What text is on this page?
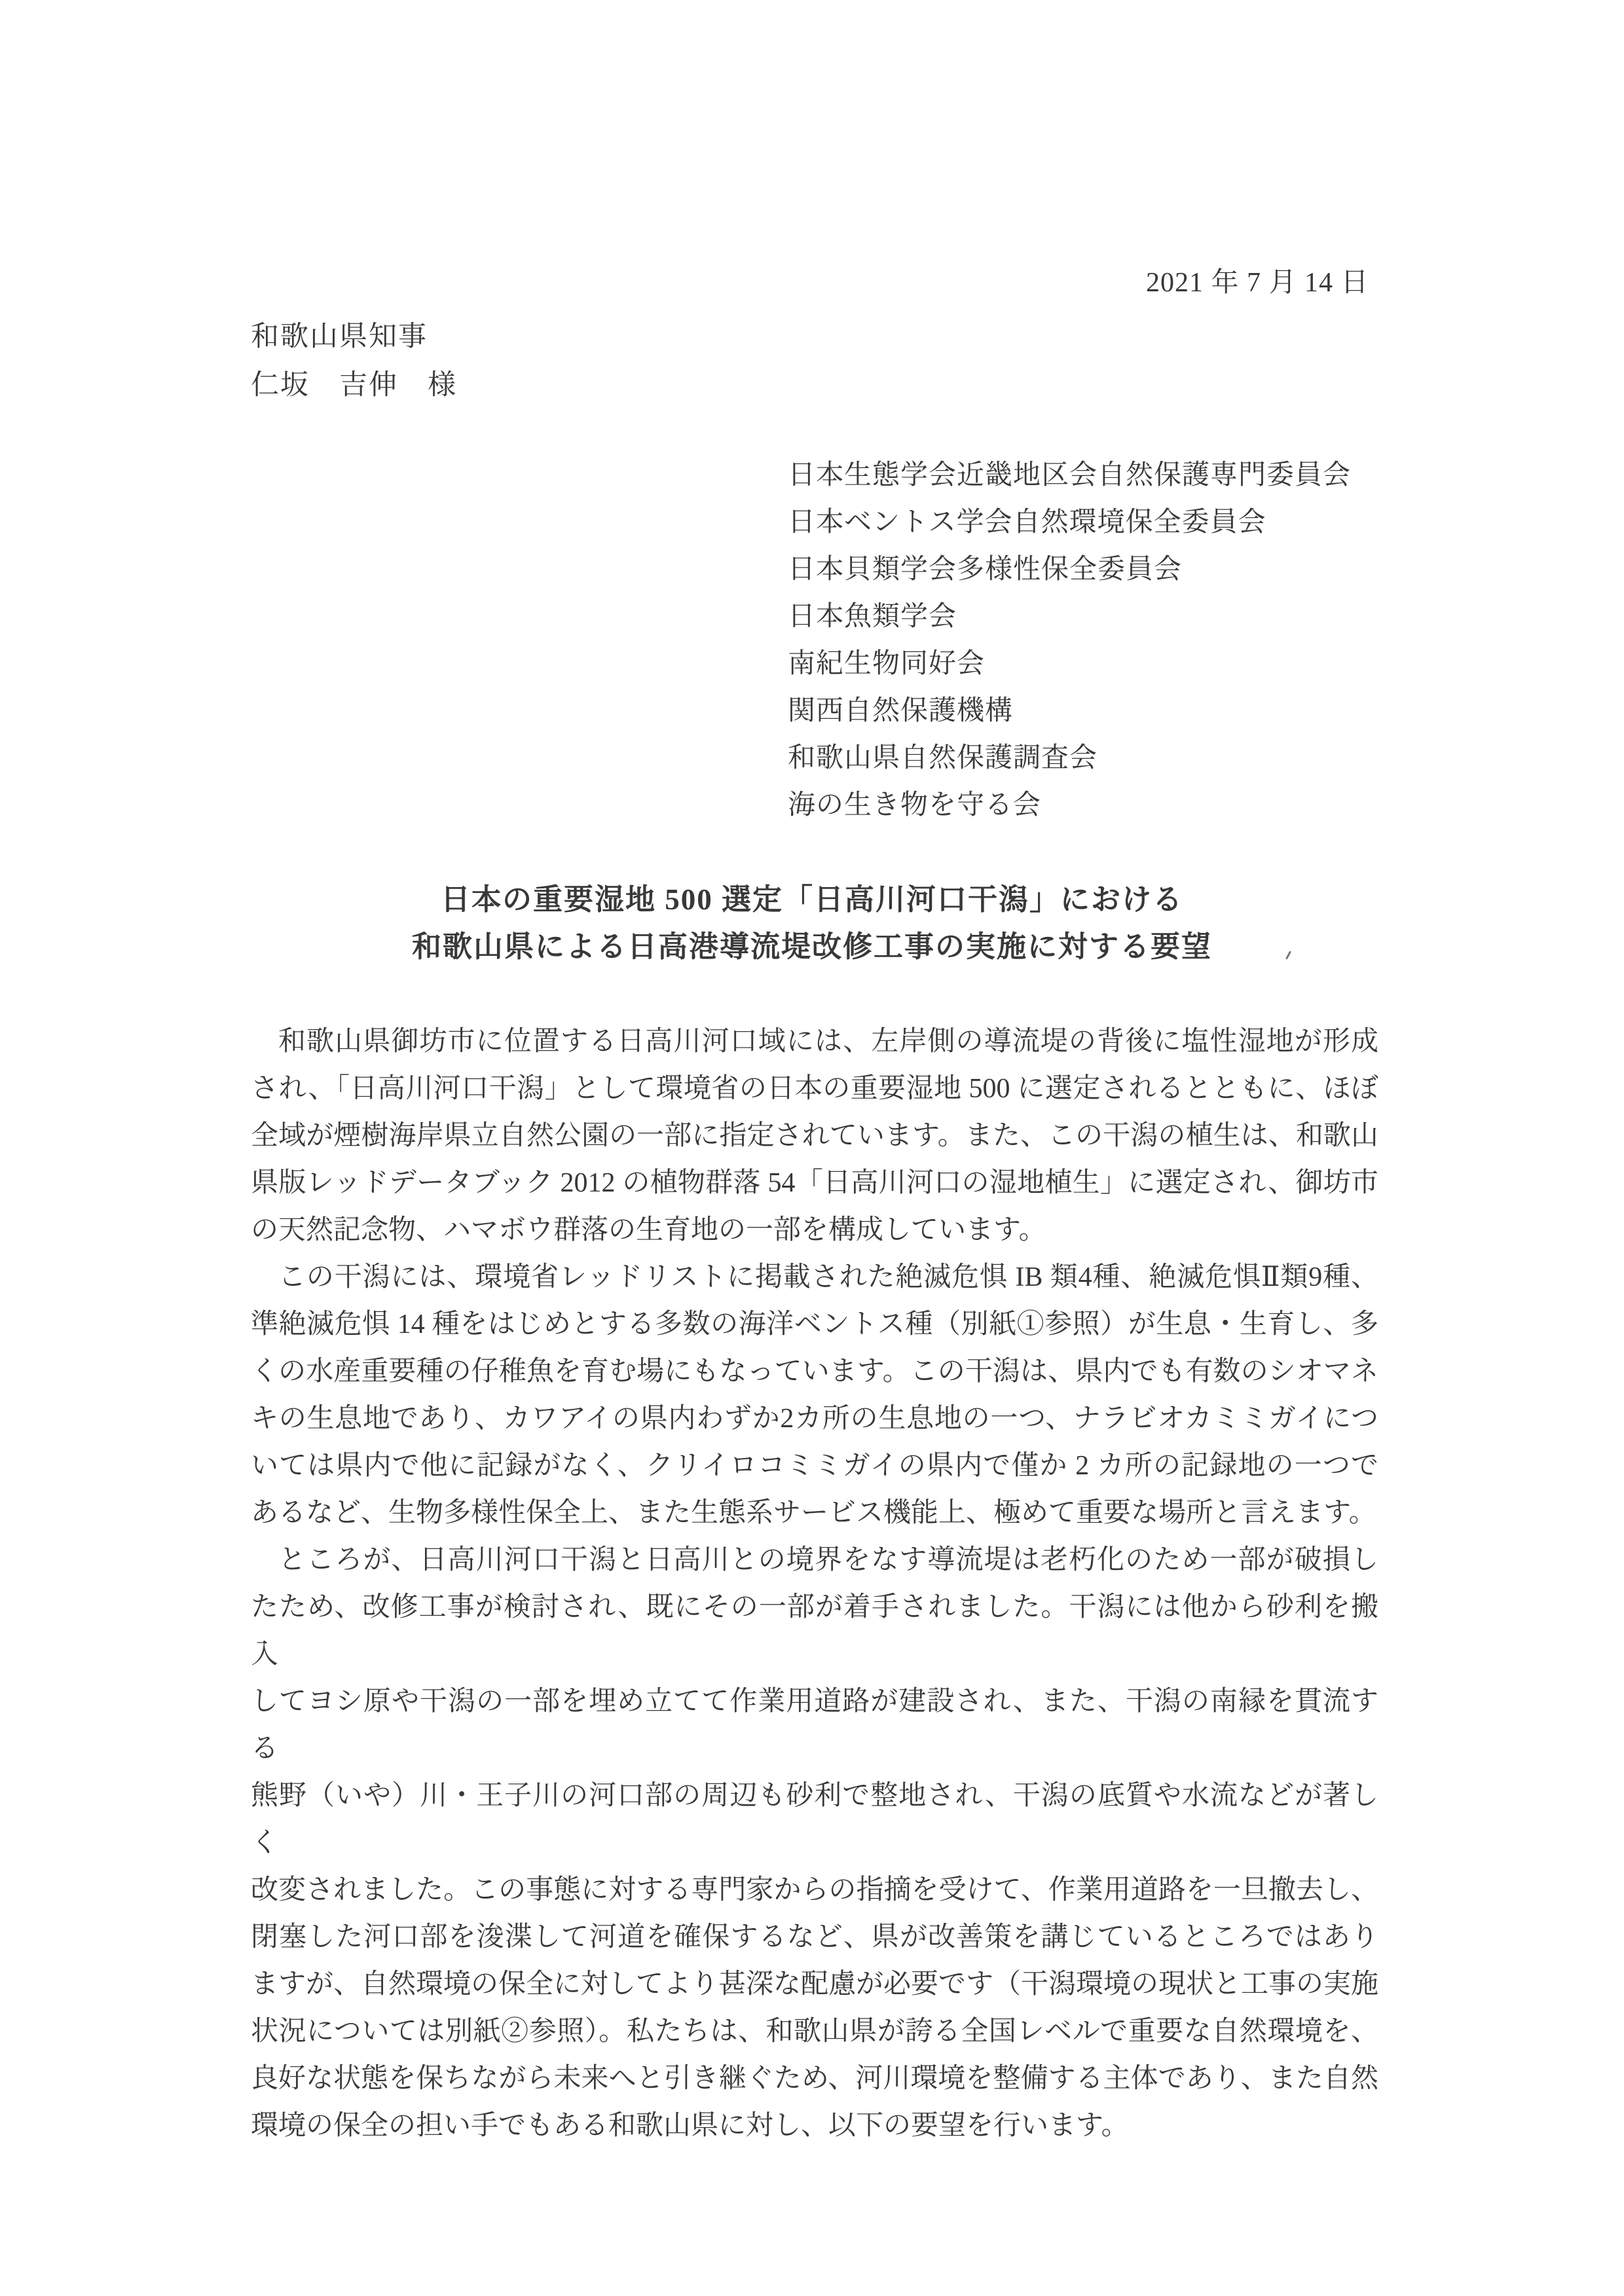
2021 年 7 月 14 日
和歌山県知事
仁坂　吉伸　様
日本生態学会近畿地区会自然保護専門委員会
日本ベントス学会自然環境保全委員会
日本貝類学会多様性保全委員会
日本魚類学会
南紀生物同好会
関西自然保護機構
和歌山県自然保護調査会
海の生き物を守る会
日本の重要湿地 500 選定「日高川河口干潟」における
和歌山県による日高港導流堤改修工事の実施に対する要望
和歌山県御坊市に位置する日高川河口域には、左岸側の導流堤の背後に塩性湿地が形成
され、「日高川河口干潟」として環境省の日本の重要湿地 500 に選定されるとともに、ほぼ
全域が煙樹海岸県立自然公園の一部に指定されています。また、この干潟の植生は、和歌山
県版レッドデータブック 2012 の植物群落 54「日高川河口の湿地植生」に選定され、御坊市
の天然記念物、ハマボウ群落の生育地の一部を構成しています。
この干潟には、環境省レッドリストに掲載された絶滅危惧 IB 類4種、絶滅危惧Ⅱ類9種、
準絶滅危惧 14 種をはじめとする多数の海洋ベントス種（別紙①参照）が生息・生育し、多
くの水産重要種の仔稚魚を育む場にもなっています。この干潟は、県内でも有数のシオマネ
キの生息地であり、カワアイの県内わずか2カ所の生息地の一つ、ナラビオカミミガイにつ
いては県内で他に記録がなく、クリイロコミミガイの県内で僅か 2 カ所の記録地の一つで
あるなど、生物多様性保全上、また生態系サービス機能上、極めて重要な場所と言えます。
ところが、日高川河口干潟と日高川との境界をなす導流堤は老朽化のため一部が破損し
たため、改修工事が検討され、既にその一部が着手されました。干潟には他から砂利を搬入
してヨシ原や干潟の一部を埋め立てて作業用道路が建設され、また、干潟の南縁を貫流する
熊野（いや）川・王子川の河口部の周辺も砂利で整地され、干潟の底質や水流などが著しく
改変されました。この事態に対する専門家からの指摘を受けて、作業用道路を一旦撤去し、
閉塞した河口部を浚渫して河道を確保するなど、県が改善策を講じているところではあり
ますが、自然環境の保全に対してより甚深な配慮が必要です（干潟環境の現状と工事の実施
状況については別紙②参照）。私たちは、和歌山県が誇る全国レベルで重要な自然環境を、
良好な状態を保ちながら未来へと引き継ぐため、河川環境を整備する主体であり、また自然
環境の保全の担い手でもある和歌山県に対し、以下の要望を行います。
